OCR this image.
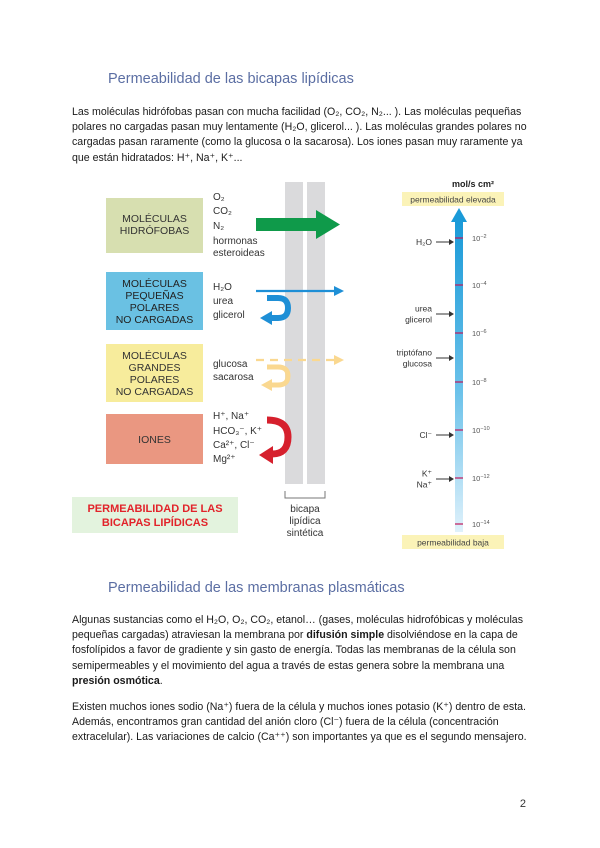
Permeabilidad de las bicapas lipídicas

Las moléculas hidrófobas pasan con mucha facilidad (O₂, CO₂, N₂... ). Las moléculas pequeñas polares no cargadas pasan muy lentamente (H₂O, glicerol... ). Las moléculas grandes polares no cargadas pasan raramente (como la glucosa o la sacarosa). Los iones pasan muy raramente ya que están hidratados: H⁺, Na⁺, K⁺...

bicapa
lipídica
sintética
MOLÉCULAS
HIDRÓFOBAS
MOLÉCULAS
PEQUEÑAS
POLARES
NO CARGADAS
MOLÉCULAS
GRANDES
POLARES
NO CARGADAS
IONES
O₂
CO₂
N₂
hormonas
esteroideas
H₂O
urea
glicerol
glucosa
sacarosa
H⁺, Na⁺
HCO₃⁻, K⁺
Ca²⁺, Cl⁻
Mg²⁺
PERMEABILIDAD DE LAS
BICAPAS LIPÍDICAS
mol/s cm²
permeabilidad elevada
permeabilidad baja
$10^{-2}$
$10^{-4}$
$10^{-6}$
$10^{-8}$
$10^{-10}$
$10^{-12}$
$10^{-14}$
H₂O
urea
glicerol
triptófano
glucosa
Cl⁻
K⁺
Na⁺
Permeabilidad de las membranas plasmáticas

Algunas sustancias como el H₂O, O₂, CO₂, etanol… (gases, moléculas hidrofóbicas y moléculas pequeñas cargadas) atraviesan la membrana por difusión simple disolviéndose en la capa de fosfolípidos a favor de gradiente y sin gasto de energía. Todas las membranas de la célula son semipermeables y el movimiento del agua a través de estas genera sobre la membrana una presión osmótica.

Existen muchos iones sodio (Na⁺) fuera de la célula y muchos iones potasio (K⁺) dentro de esta. Además, encontramos gran cantidad del anión cloro (Cl⁻) fuera de la célula (concentración extracelular). Las variaciones de calcio (Ca⁺⁺) son importantes ya que es el segundo mensajero.

2
